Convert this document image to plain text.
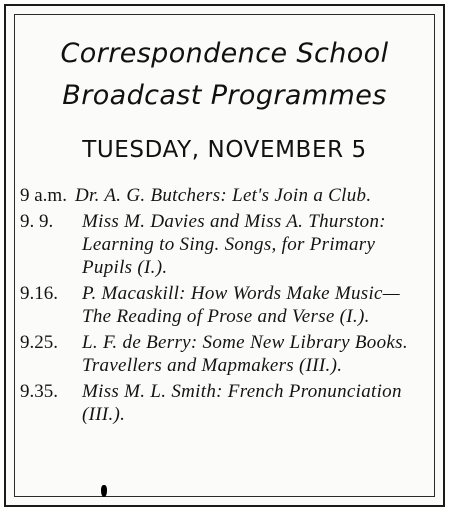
Correspondence School
Broadcast Programmes
TUESDAY, NOVEMBER 5
9 a.m. Dr. A. G. Butchers: Let's Join a Club.
9. 9.	Miss M. Davies and Miss A. Thurston: Learning to Sing. Songs, for Primary Pupils (I.).
9.16.	P. Macaskill: How Words Make Music—The Reading of Prose and Verse (I.).
9.25.	L. F. de Berry: Some New Library Books. Travellers and Mapmakers (III.).
9.35.	Miss M. L. Smith: French Pronunciation (III.).
